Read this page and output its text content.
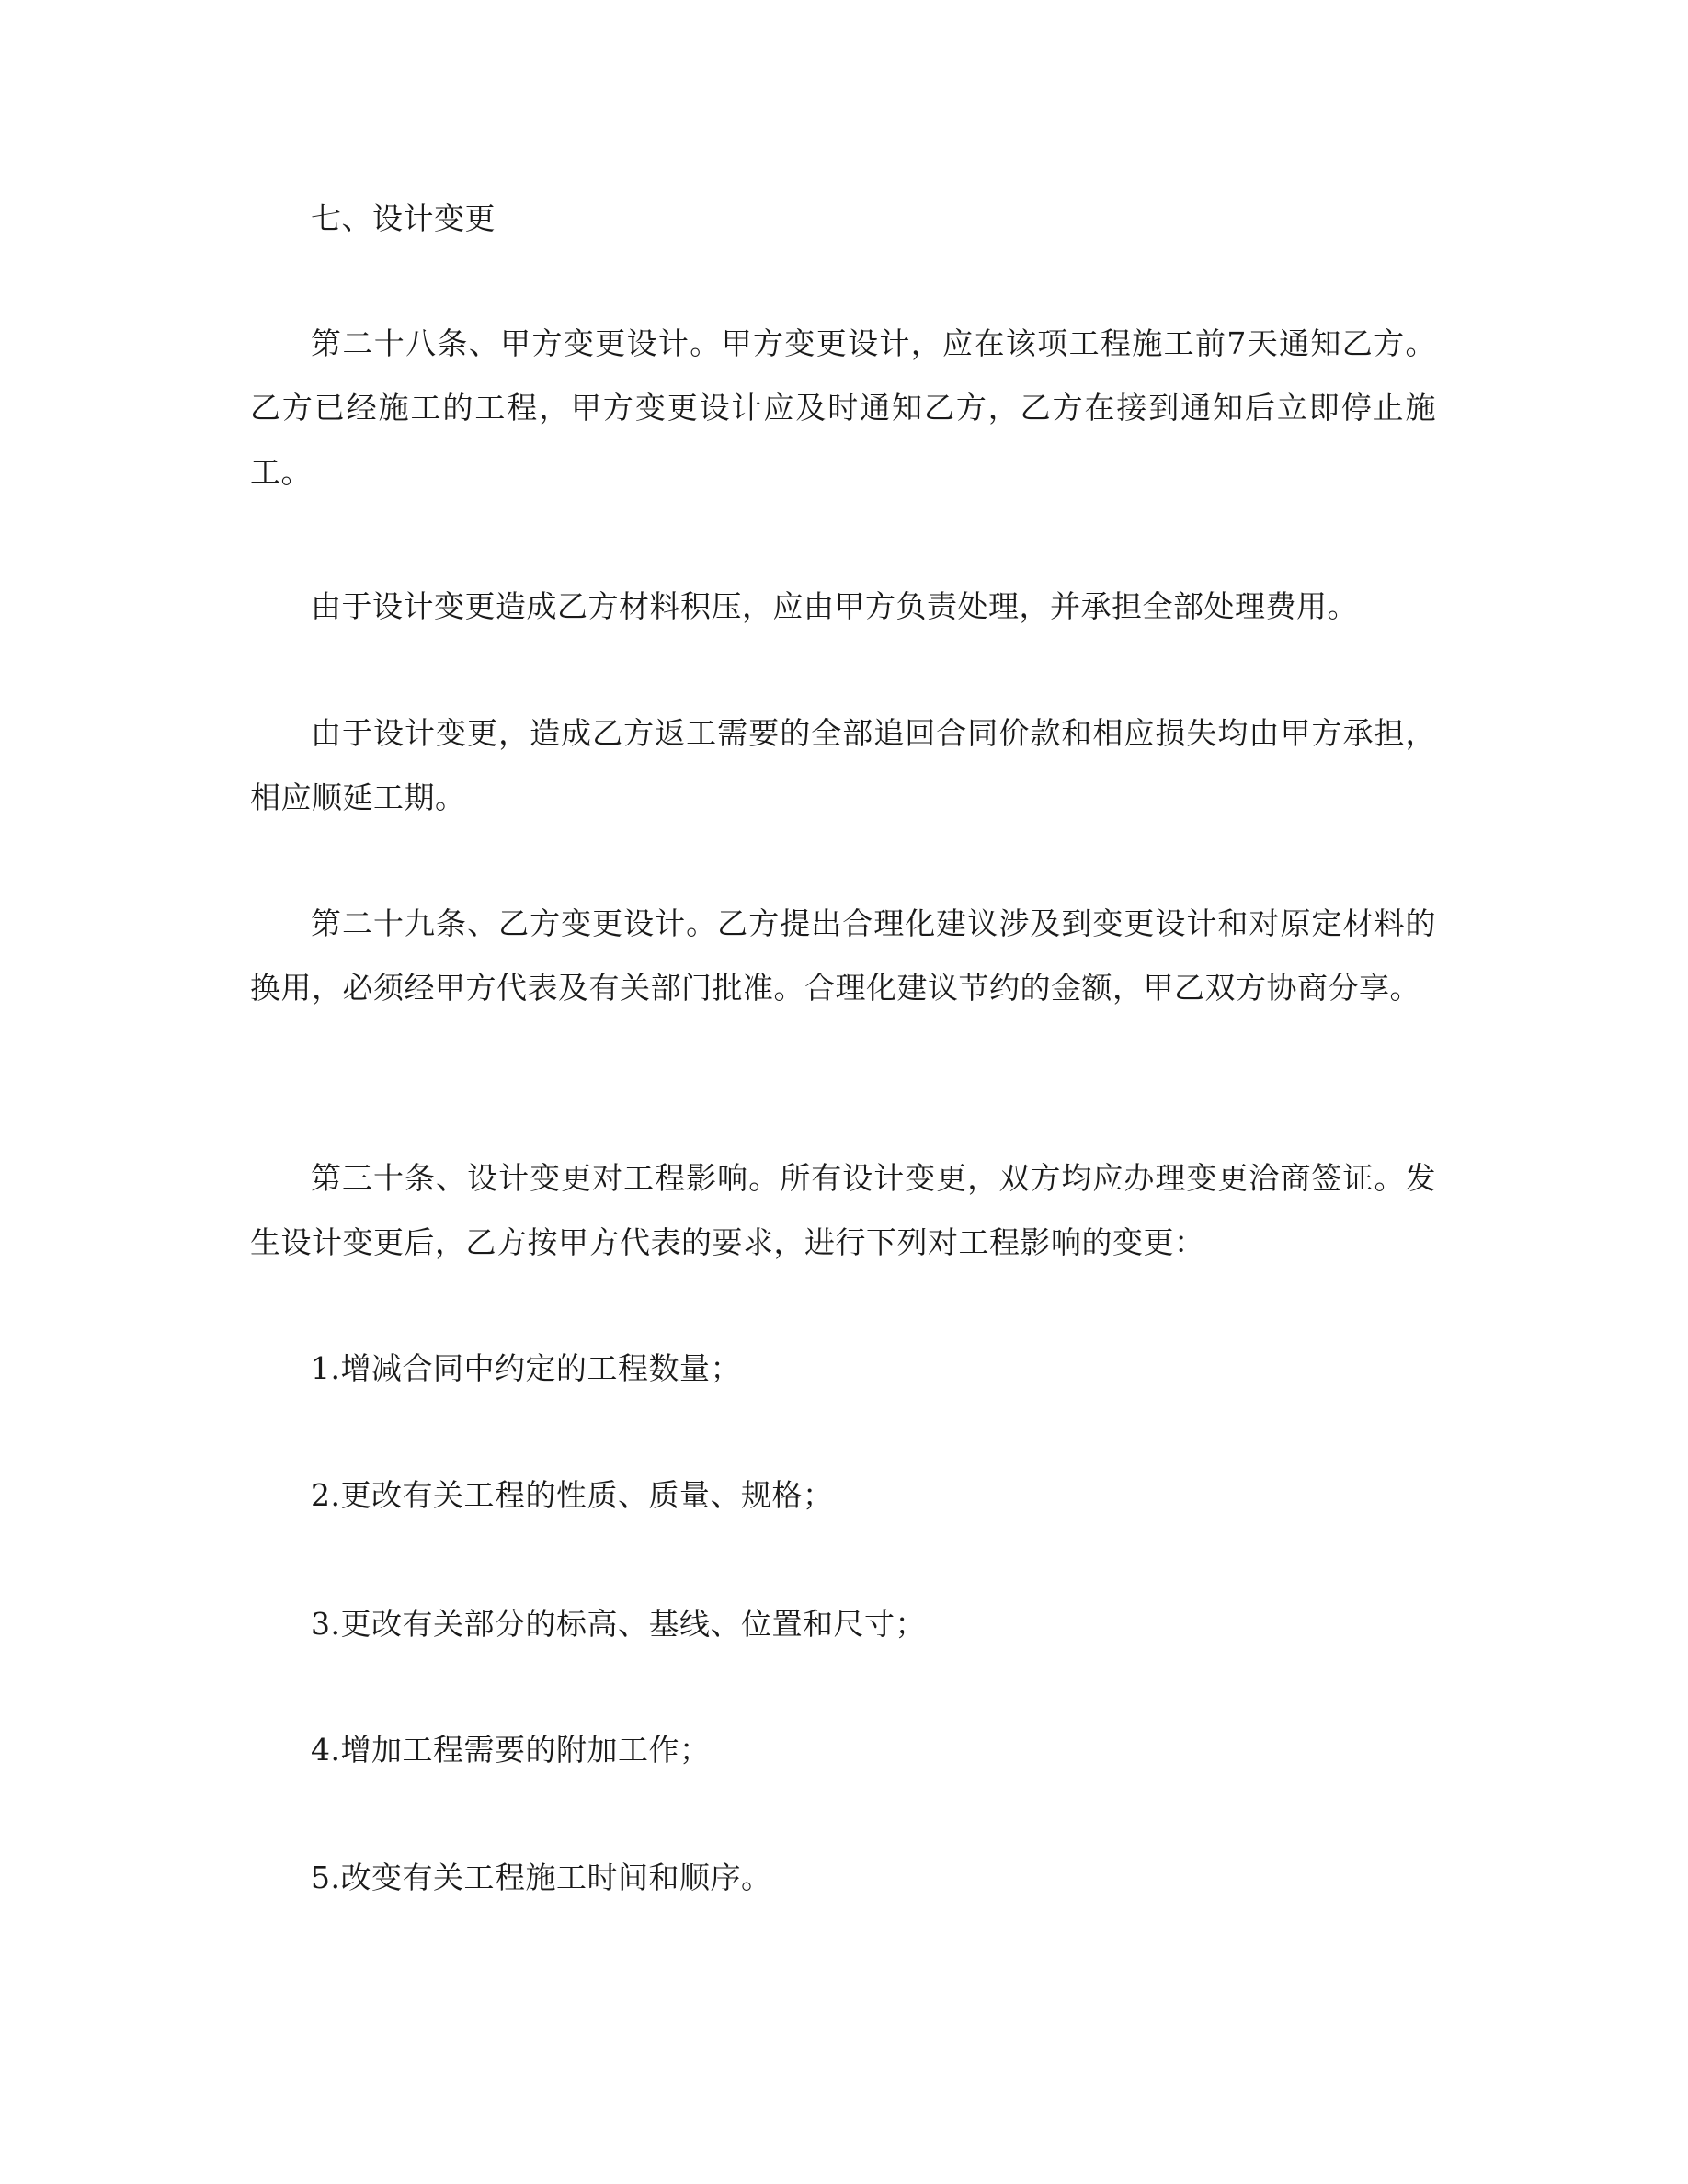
七、设计变更

第二十八条、甲方变更设计。甲方变更设计，应在该项工程施工前7天通知乙方。乙方已经施工的工程，甲方变更设计应及时通知乙方，乙方在接到通知后立即停止施工。

由于设计变更造成乙方材料积压，应由甲方负责处理，并承担全部处理费用。

由于设计变更，造成乙方返工需要的全部追回合同价款和相应损失均由甲方承担，相应顺延工期。

第二十九条、乙方变更设计。乙方提出合理化建议涉及到变更设计和对原定材料的换用，必须经甲方代表及有关部门批准。合理化建议节约的金额，甲乙双方协商分享。

第三十条、设计变更对工程影响。所有设计变更，双方均应办理变更洽商签证。发生设计变更后，乙方按甲方代表的要求，进行下列对工程影响的变更：

1.增减合同中约定的工程数量；

2.更改有关工程的性质、质量、规格；

3.更改有关部分的标高、基线、位置和尺寸；

4.增加工程需要的附加工作；

5.改变有关工程施工时间和顺序。
